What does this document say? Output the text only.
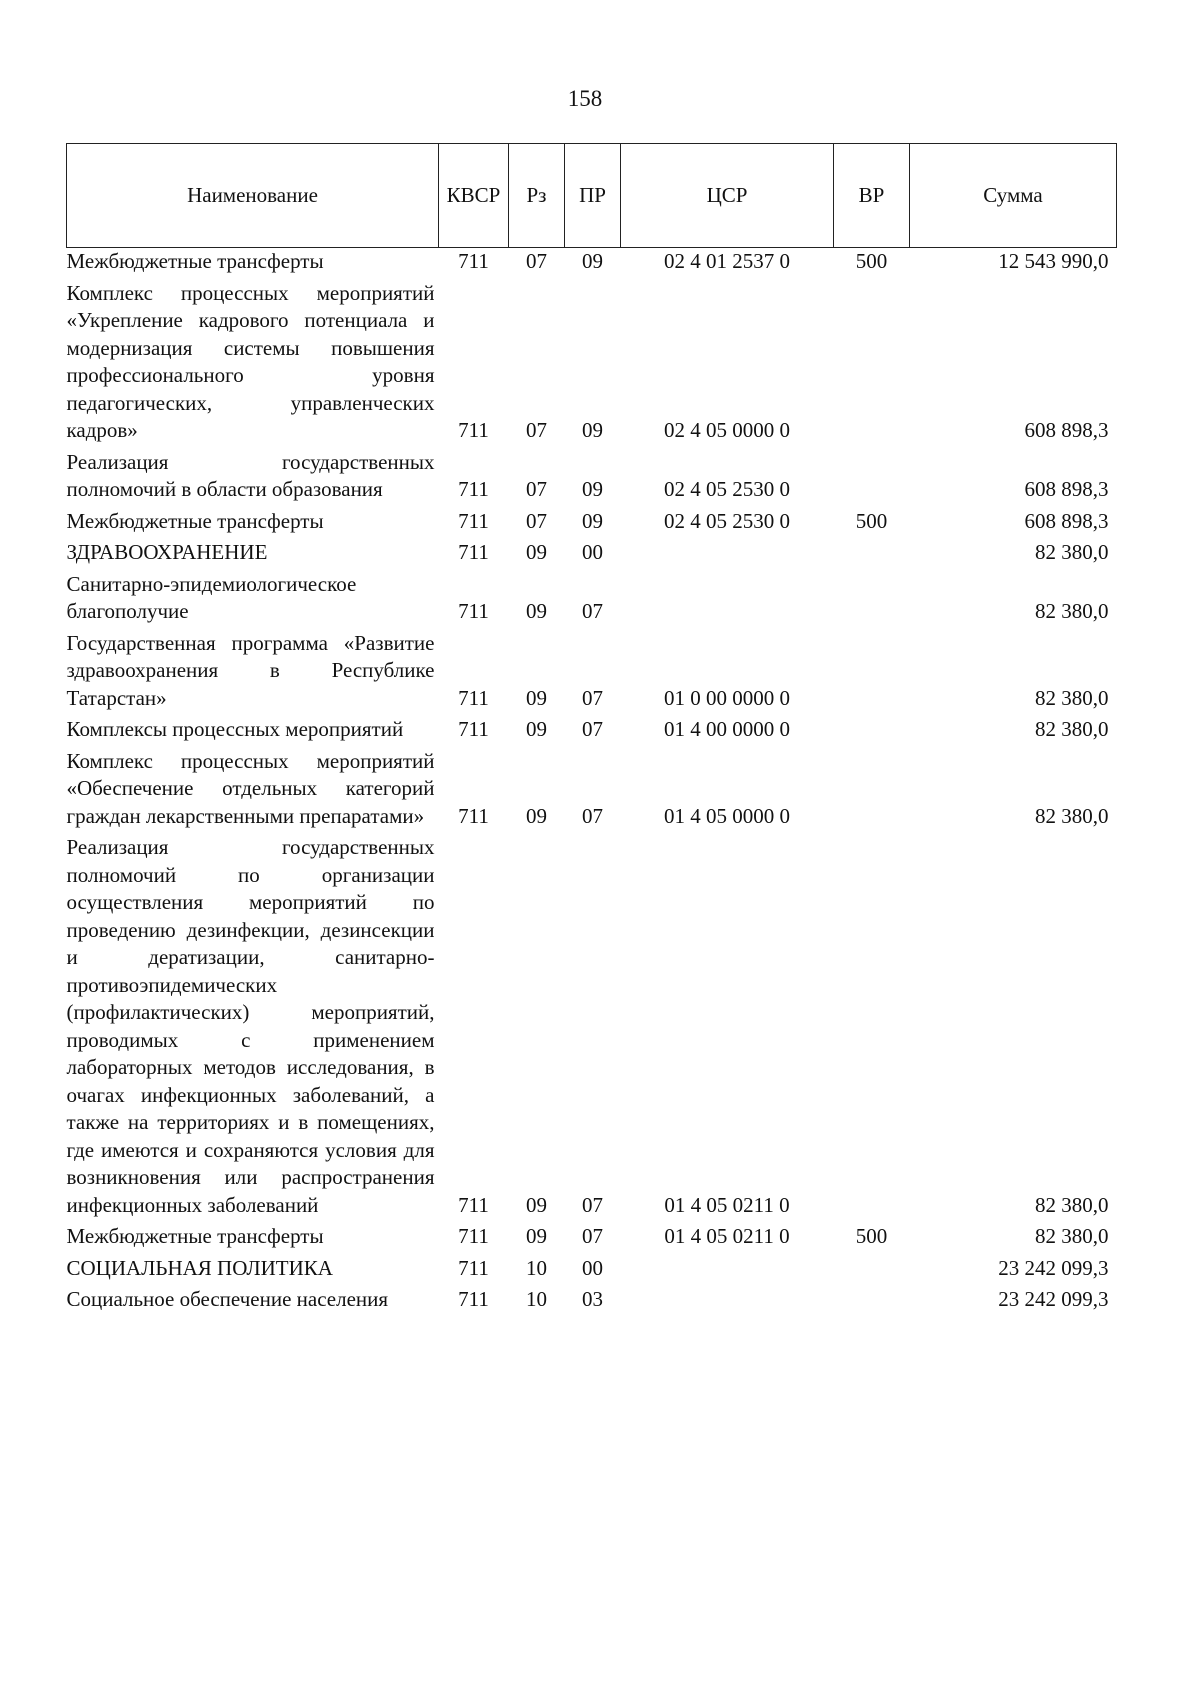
158
Наименование	КВСР	Рз	ПР	ЦСР	ВР	Сумма
Межбюджетные трансферты	711	07	09	02 4 01 2537 0	500	12 543 990,0
Комплекс процессных мероприятий «Укрепление кадрового потенциала и модернизация системы повышения профессионального уровня педагогических, управленческих кадров»	711	07	09	02 4 05 0000 0		608 898,3
Реализация государственных полномочий в области образования	711	07	09	02 4 05 2530 0		608 898,3
Межбюджетные трансферты	711	07	09	02 4 05 2530 0	500	608 898,3
ЗДРАВООХРАНЕНИЕ	711	09	00			82 380,0
Санитарно-эпидемиологическое благополучие	711	09	07			82 380,0
Государственная программа «Развитие здравоохранения в Республике Татарстан»	711	09	07	01 0 00 0000 0		82 380,0
Комплексы процессных мероприятий	711	09	07	01 4 00 0000 0		82 380,0
Комплекс процессных мероприятий «Обеспечение отдельных категорий граждан лекарственными препаратами»	711	09	07	01 4 05 0000 0		82 380,0
Реализация государственных полномочий по организации осуществления мероприятий по проведению дезинфекции, дезинсекции и дератизации, санитарно-противоэпидемических (профилактических) мероприятий, проводимых с применением лабораторных методов исследования, в очагах инфекционных заболеваний, а также на территориях и в помещениях, где имеются и сохраняются условия для возникновения или распространения инфекционных заболеваний	711	09	07	01 4 05 0211 0		82 380,0
Межбюджетные трансферты	711	09	07	01 4 05 0211 0	500	82 380,0
СОЦИАЛЬНАЯ ПОЛИТИКА	711	10	00			23 242 099,3
Социальное обеспечение населения	711	10	03			23 242 099,3
